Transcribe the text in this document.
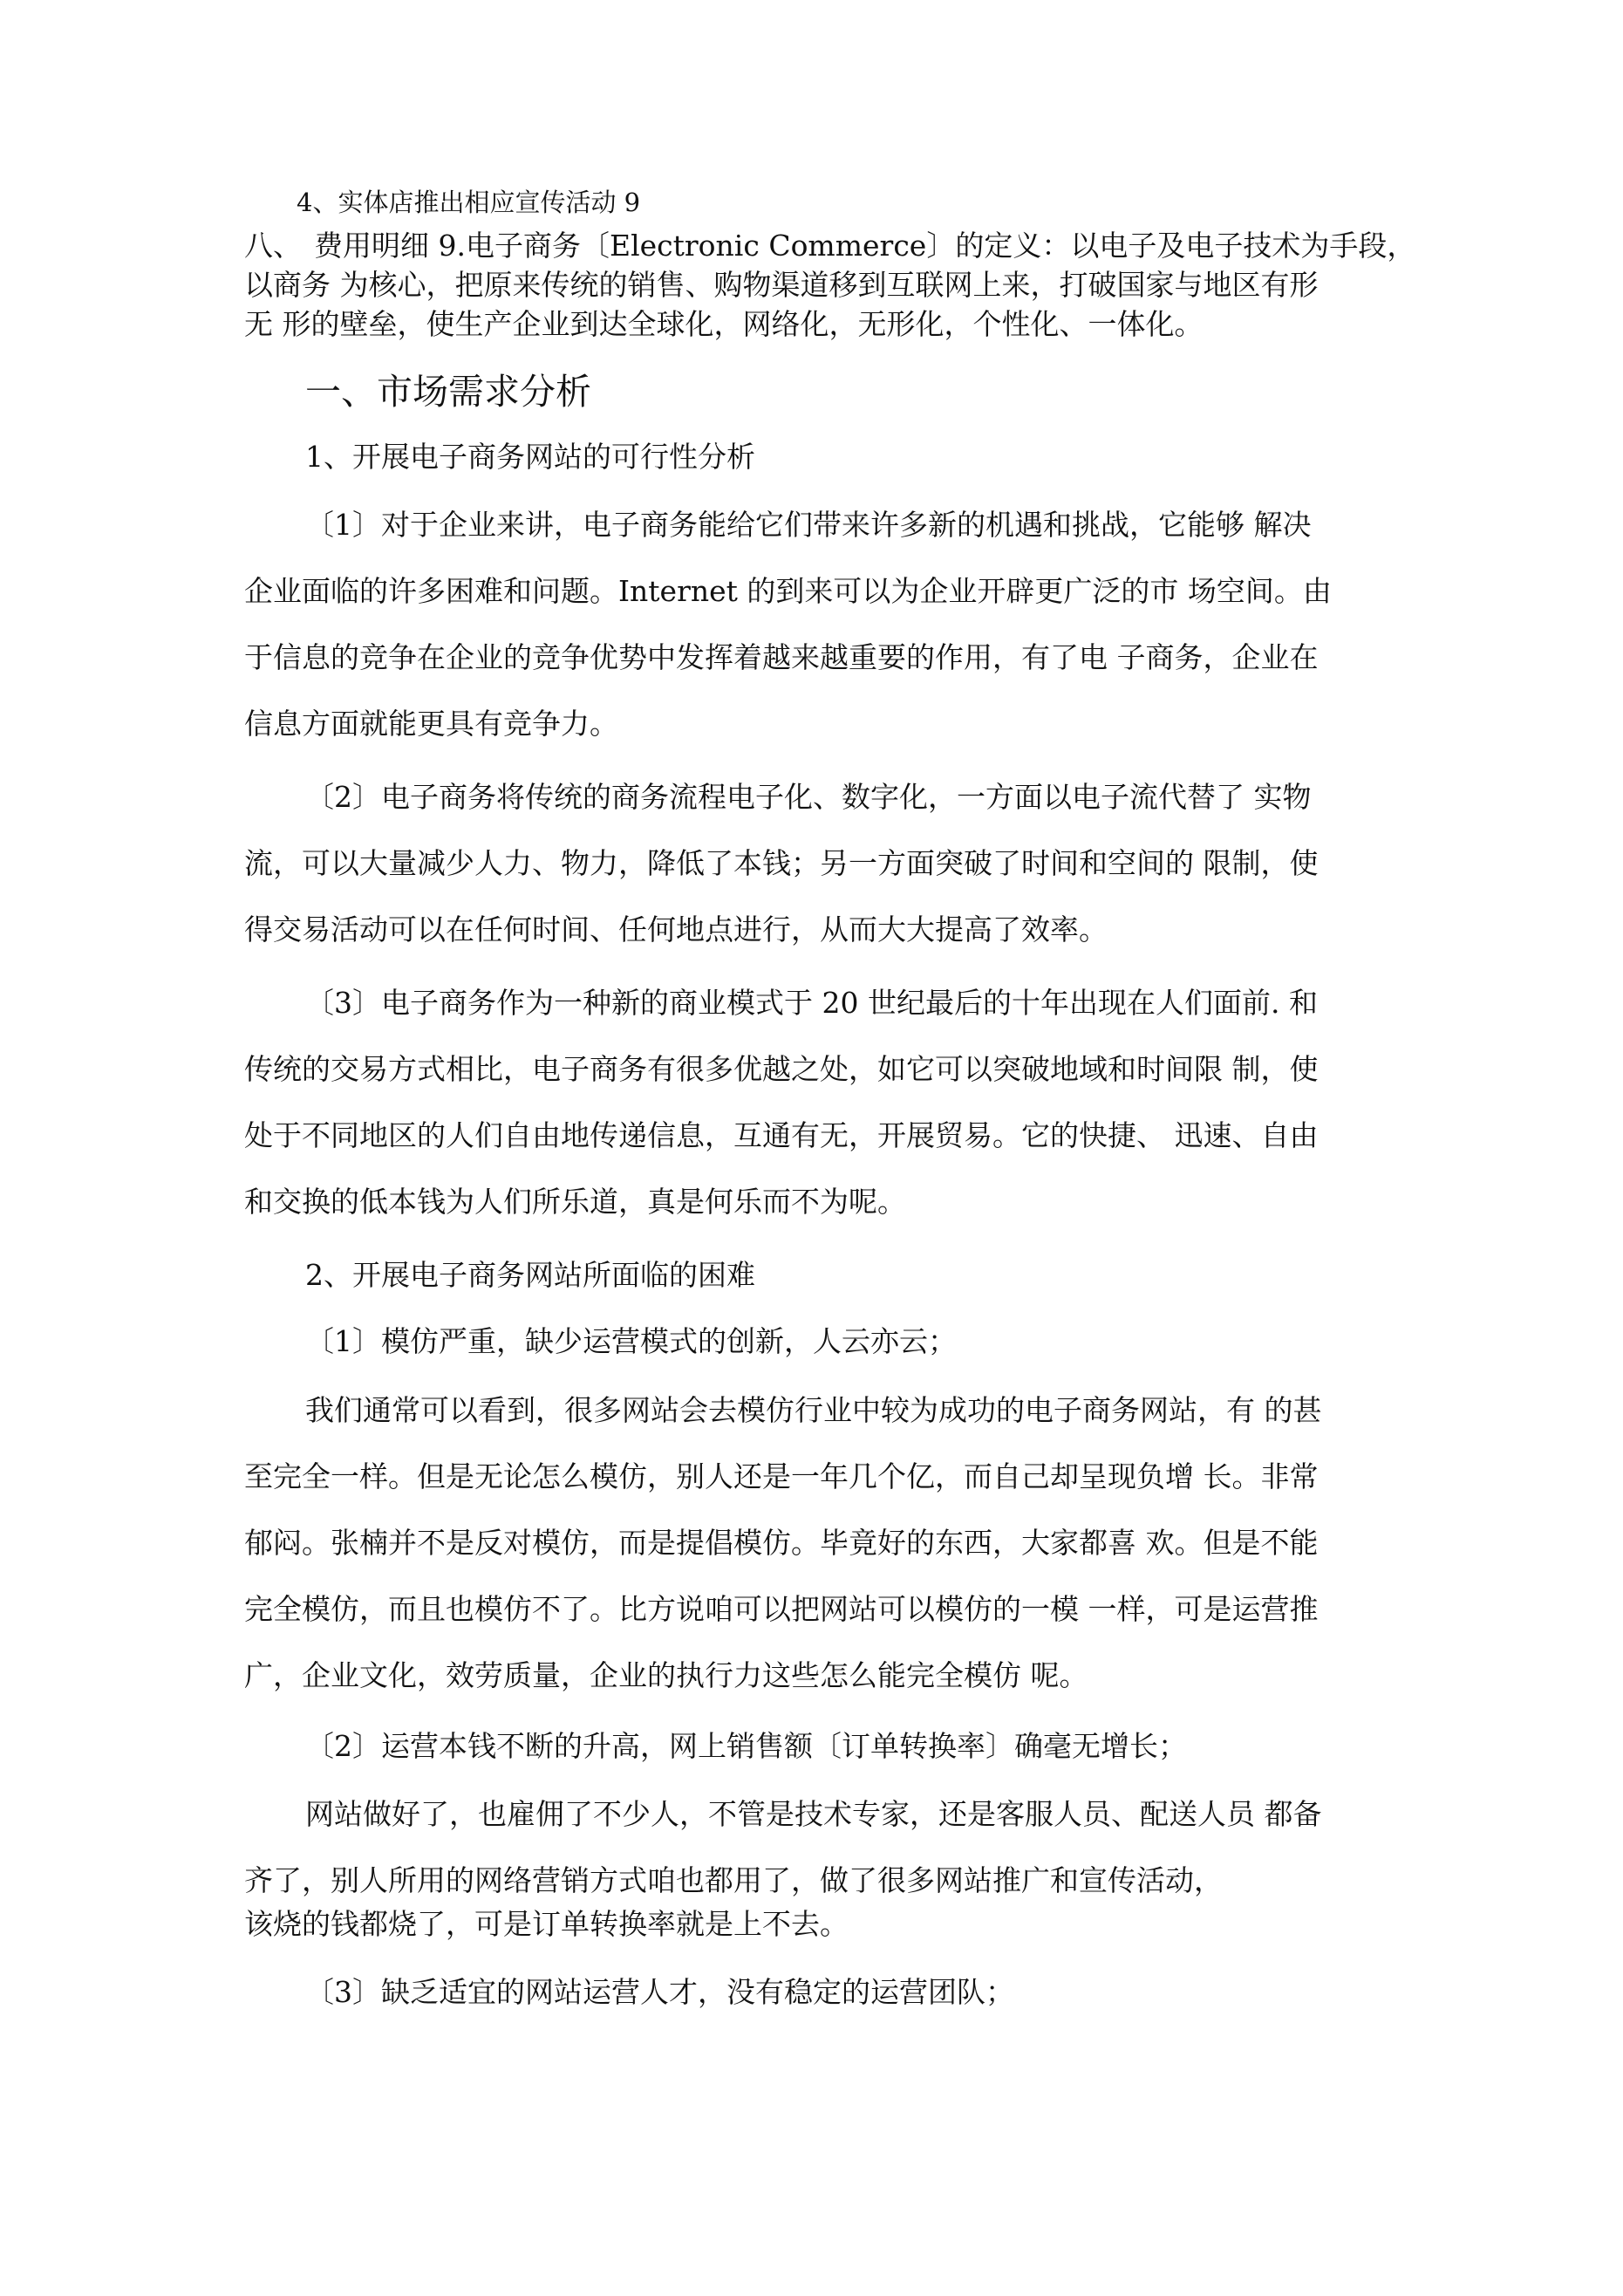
4、实体店推出相应宣传活动 9
八、 费用明细 9.电子商务〔Electronic Commerce〕的定义：以电子及电子技术为手段，
以商务 为核心，把原来传统的销售、购物渠道移到互联网上来，打破国家与地区有形
无 形的壁垒，使生产企业到达全球化，网络化，无形化，个性化、一体化。
一、市场需求分析
1、开展电子商务网站的可行性分析
〔1〕对于企业来讲，电子商务能给它们带来许多新的机遇和挑战，它能够 解决
企业面临的许多困难和问题。Internet 的到来可以为企业开辟更广泛的市 场空间。由
于信息的竞争在企业的竞争优势中发挥着越来越重要的作用，有了电 子商务，企业在
信息方面就能更具有竞争力。
〔2〕电子商务将传统的商务流程电子化、数字化，一方面以电子流代替了 实物
流，可以大量减少人力、物力，降低了本钱；另一方面突破了时间和空间的 限制，使
得交易活动可以在任何时间、任何地点进行，从而大大提高了效率。
〔3〕电子商务作为一种新的商业模式于 20 世纪最后的十年出现在人们面前. 和
传统的交易方式相比，电子商务有很多优越之处，如它可以突破地域和时间限 制，使
处于不同地区的人们自由地传递信息，互通有无，开展贸易。它的快捷、 迅速、自由
和交换的低本钱为人们所乐道，真是何乐而不为呢。
2、开展电子商务网站所面临的困难
〔1〕模仿严重，缺少运营模式的创新，人云亦云；
我们通常可以看到，很多网站会去模仿行业中较为成功的电子商务网站，有 的甚
至完全一样。但是无论怎么模仿，别人还是一年几个亿，而自己却呈现负增 长。非常
郁闷。张楠并不是反对模仿，而是提倡模仿。毕竟好的东西，大家都喜 欢。但是不能
完全模仿，而且也模仿不了。比方说咱可以把网站可以模仿的一模 一样，可是运营推
广，企业文化，效劳质量，企业的执行力这些怎么能完全模仿 呢。
〔2〕运营本钱不断的升高，网上销售额〔订单转换率〕确毫无增长；
网站做好了，也雇佣了不少人，不管是技术专家，还是客服人员、配送人员 都备
齐了，别人所用的网络营销方式咱也都用了，做了很多网站推广和宣传活动，
该烧的钱都烧了，可是订单转换率就是上不去。
〔3〕缺乏适宜的网站运营人才，没有稳定的运营团队；
